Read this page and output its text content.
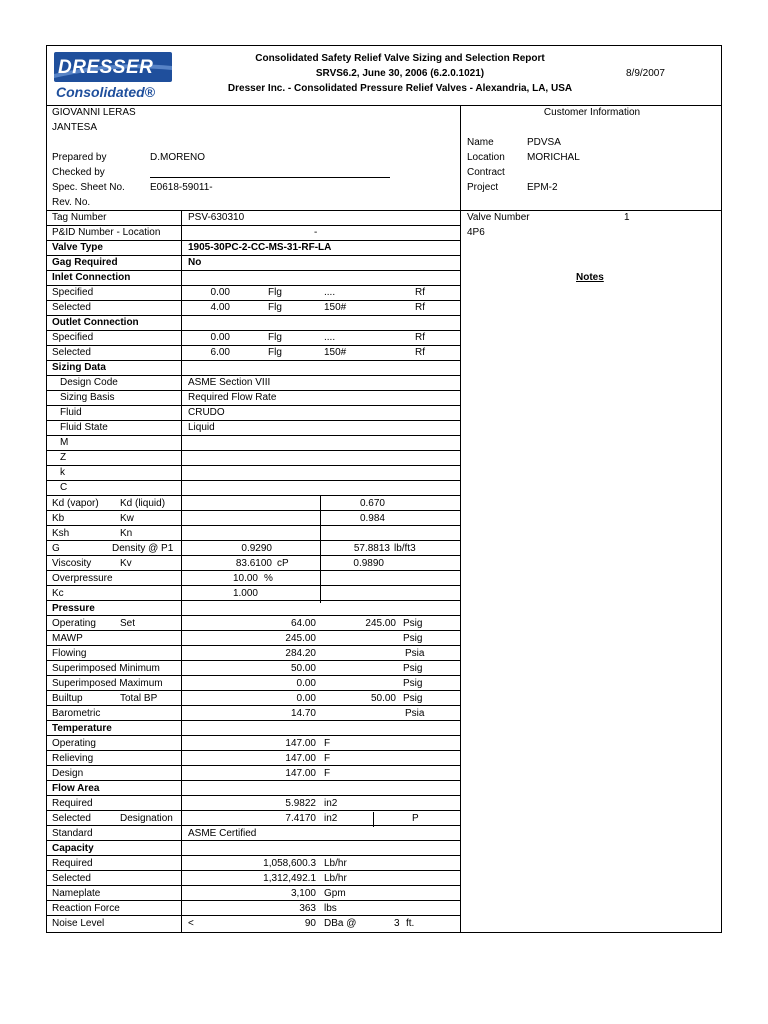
DRESSER
Consolidated®
Consolidated Safety Relief Valve Sizing and Selection Report
SRVS6.2, June 30, 2006 (6.2.0.1021)
Dresser Inc. - Consolidated Pressure Relief Valves - Alexandria, LA, USA
8/9/2007
GIOVANNI LERAS
JANTESA
Prepared by	D.MORENO
Checked by
Spec. Sheet No.	E0618-59011-
Rev. No.
Customer Information
Name	PDVSA
Location MORICHAL
Contract
Project	EPM-2
Valve Number	1
4P6
Notes
Tag Number	PSV-630310
P&ID Number - Location	-
Valve Type	1905-30PC-2-CC-MS-31-RF-LA
Gag Required	No
Inlet Connection
Specified	0.00	Flg	....	Rf
Selected	4.00	Flg	150#	Rf
Outlet Connection
Specified	0.00	Flg	....	Rf
Selected	6.00	Flg	150#	Rf
Sizing Data
Design Code	ASME Section VIII
Sizing Basis	Required Flow Rate
Fluid	CRUDO
Fluid State	Liquid
M
Z
k
C
Kd (vapor) Kd (liquid)	0.670
Kb	Kw	0.984
Ksh	Kn
G	Density @ P1	0.9290	57.8813 lb/ft3
Viscosity	Kv	83.6100 cP	0.9890
Overpressure	10.00 %
Kc	1.000
Pressure
Operating Set	64.00	245.00 Psig
MAWP	245.00	Psig
Flowing	284.20	Psia
Superimposed Minimum	50.00	Psig
Superimposed Maximum	0.00	Psig
Builtup	Total BP	0.00	50.00 Psig
Barometric	14.70	Psia
Temperature
Operating	147.00 F
Relieving	147.00 F
Design	147.00 F
Flow Area
Required	5.9822 in2
Selected	Designation	7.4170 in2	P
Standard	ASME Certified
Capacity
Required	1,058,600.3 Lb/hr
Selected	1,312,492.1 Lb/hr
Nameplate	3,100 Gpm
Reaction Force	363 lbs
Noise Level	<	90 DBa @	3 ft.
